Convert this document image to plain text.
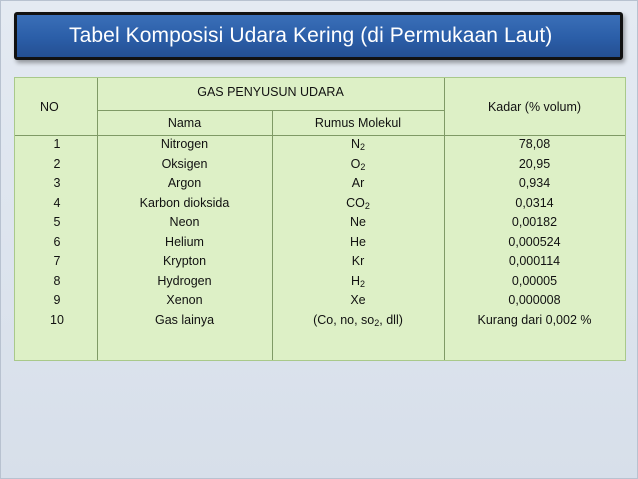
Tabel Komposisi Udara Kering (di Permukaan Laut)
NO
GAS PENYUSUN UDARA
Nama	Rumus Molekul
Kadar (% volum)
1
2
3
4
5
6
7
8
9
10
Nitrogen
Oksigen
Argon
Karbon dioksida
Neon
Helium
Krypton
Hydrogen
Xenon
Gas lainya
$N_2$
$O_2$
Ar
$CO_2$
Ne
He
Kr
$H_2$
Xe
(Co, no, $so_2$, dll)
78,08
20,95
0,934
0,0314
0,00182
0,000524
0,000114
0,00005
0,000008
Kurang dari 0,002 %
